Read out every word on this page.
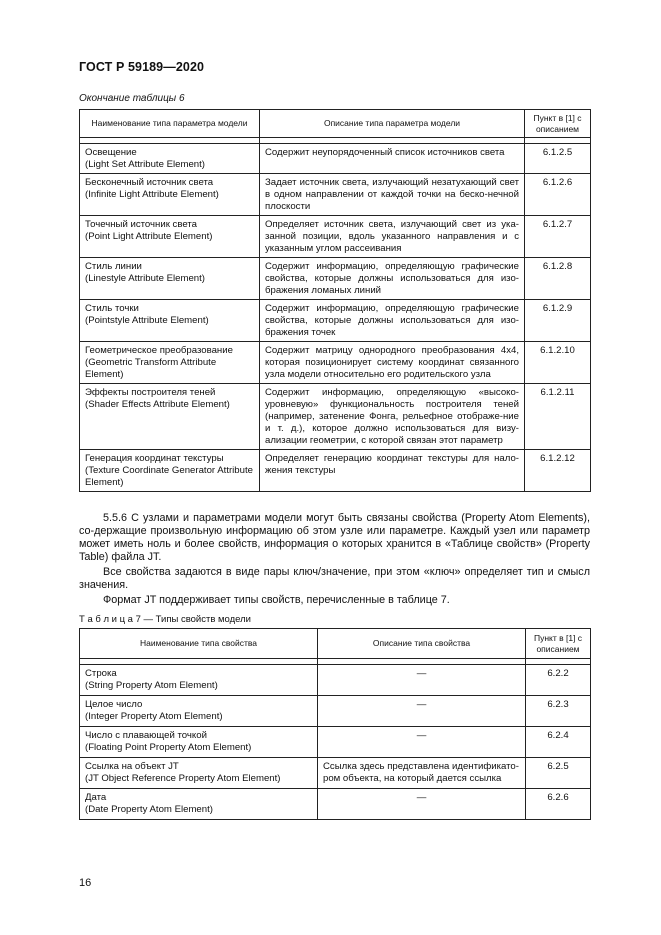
ГОСТ Р 59189—2020
Окончание таблицы 6
Наименование типа параметра модели	Описание типа параметра модели	Пункт в [1] с описанием

Освещение
(Light Set Attribute Element)	Содержит неупорядоченный список источников света	6.1.2.5
Бесконечный источник света
(Infinite Light Attribute Element)	Задает источник света, излучающий незатухающий свет в одном направлении от каждой точки на беско-нечной плоскости	6.1.2.6
Точечный источник света
(Point Light Attribute Element)	Определяет источник света, излучающий свет из ука-занной позиции, вдоль указанного направления и с указанным углом рассеивания	6.1.2.7
Стиль линии
(Linestyle Attribute Element)	Содержит информацию, определяющую графические свойства, которые должны использоваться для изо-бражения ломаных линий	6.1.2.8
Стиль точки
(Pointstyle Attribute Element)	Содержит информацию, определяющую графические свойства, которые должны использоваться для изо-бражения точек	6.1.2.9
Геометрическое преобразование
(Geometric Transform Attribute Element)	Содержит матрицу однородного преобразования 4х4, которая позиционирует систему координат связанного узла модели относительно его родительского узла	6.1.2.10
Эффекты построителя теней
(Shader Effects Attribute Element)	Содержит информацию, определяющую «высоко-уровневую» функциональность построителя теней (например, затенение Фонга, рельефное отображе-ние и т. д.), которое должно использоваться для визу-ализации геометрии, с которой связан этот параметр	6.1.2.11
Генерация координат текстуры
(Texture Coordinate Generator Attribute Element)	Определяет генерацию координат текстуры для нало-жения текстуры	6.1.2.12
5.5.6 С узлами и параметрами модели могут быть связаны свойства (Property Atom Elements), со-держащие произвольную информацию об этом узле или параметре. Каждый узел или параметр может иметь ноль и более свойств, информация о которых хранится в «Таблице свойств» (Property Table) файла JT.
Все свойства задаются в виде пары ключ/значение, при этом «ключ» определяет тип и смысл значения.
Формат JT поддерживает типы свойств, перечисленные в таблице 7.
Т а б л и ц а 7 — Типы свойств модели
Наименование типа свойства	Описание типа свойства	Пункт в [1] с описанием

Строка
(String Property Atom Element)	—	6.2.2
Целое число
(Integer Property Atom Element)	—	6.2.3
Число с плавающей точкой
(Floating Point Property Atom Element)	—	6.2.4
Ссылка на объект JT
(JT Object Reference Property Atom Element)	Ссылка здесь представлена идентификато-ром объекта, на который дается ссылка	6.2.5
Дата
(Date Property Atom Element)	—	6.2.6
16
